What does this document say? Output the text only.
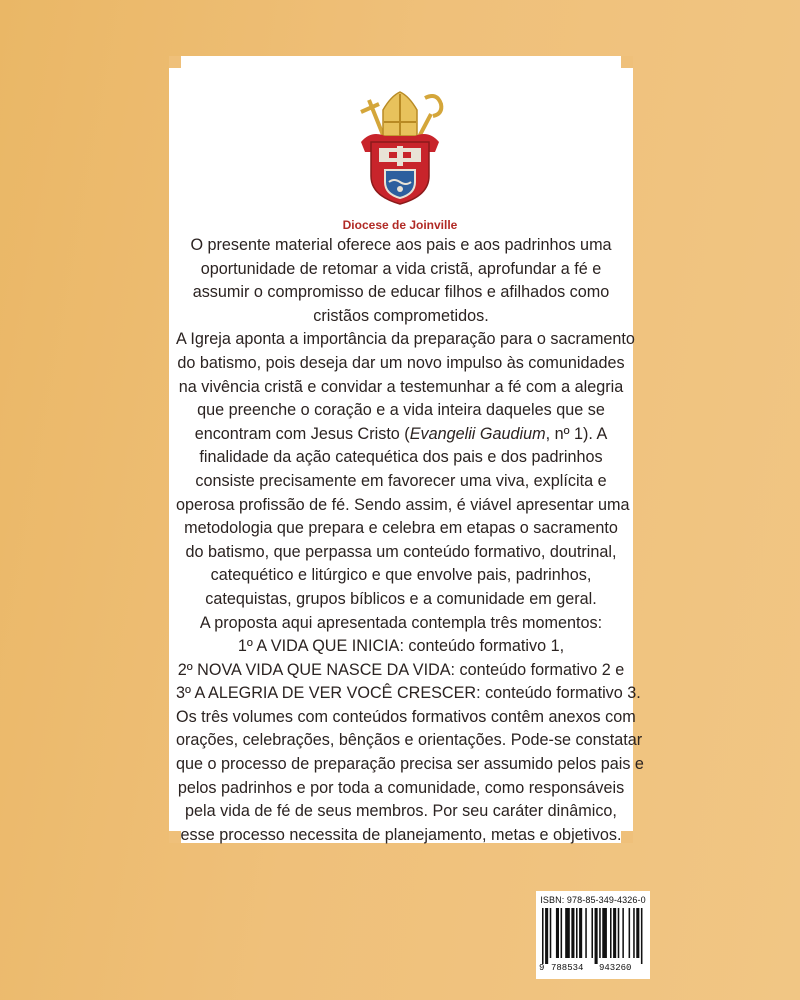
Diocese de Joinville

O presente material oferece aos pais e aos padrinhos uma
oportunidade de retomar a vida cristã, aprofundar a fé e
assumir o compromisso de educar filhos e afilhados como
cristãos comprometidos.
A Igreja aponta a importância da preparação para o sacramento
do batismo, pois deseja dar um novo impulso às comunidades
na vivência cristã e convidar a testemunhar a fé com a alegria
que preenche o coração e a vida inteira daqueles que se
encontram com Jesus Cristo (Evangelii Gaudium, nº 1). A
finalidade da ação catequética dos pais e dos padrinhos
consiste precisamente em favorecer uma viva, explícita e
operosa profissão de fé. Sendo assim, é viável apresentar uma
metodologia que prepara e celebra em etapas o sacramento
do batismo, que perpassa um conteúdo formativo, doutrinal,
catequético e litúrgico e que envolve pais, padrinhos,
catequistas, grupos bíblicos e a comunidade em geral.
A proposta aqui apresentada contempla três momentos:
1º A VIDA QUE INICIA: conteúdo formativo 1,
2º NOVA VIDA QUE NASCE DA VIDA: conteúdo formativo 2 e
3º A ALEGRIA DE VER VOCÊ CRESCER: conteúdo formativo 3.
Os três volumes com conteúdos formativos contêm anexos com
orações, celebrações, bênçãos e orientações. Pode-se constatar
que o processo de preparação precisa ser assumido pelos pais e
pelos padrinhos e por toda a comunidade, como responsáveis
pela vida de fé de seus membros. Por seu caráter dinâmico,
esse processo necessita de planejamento, metas e objetivos.

ISBN: 978-85-349-4326-0
9 788534 943260
